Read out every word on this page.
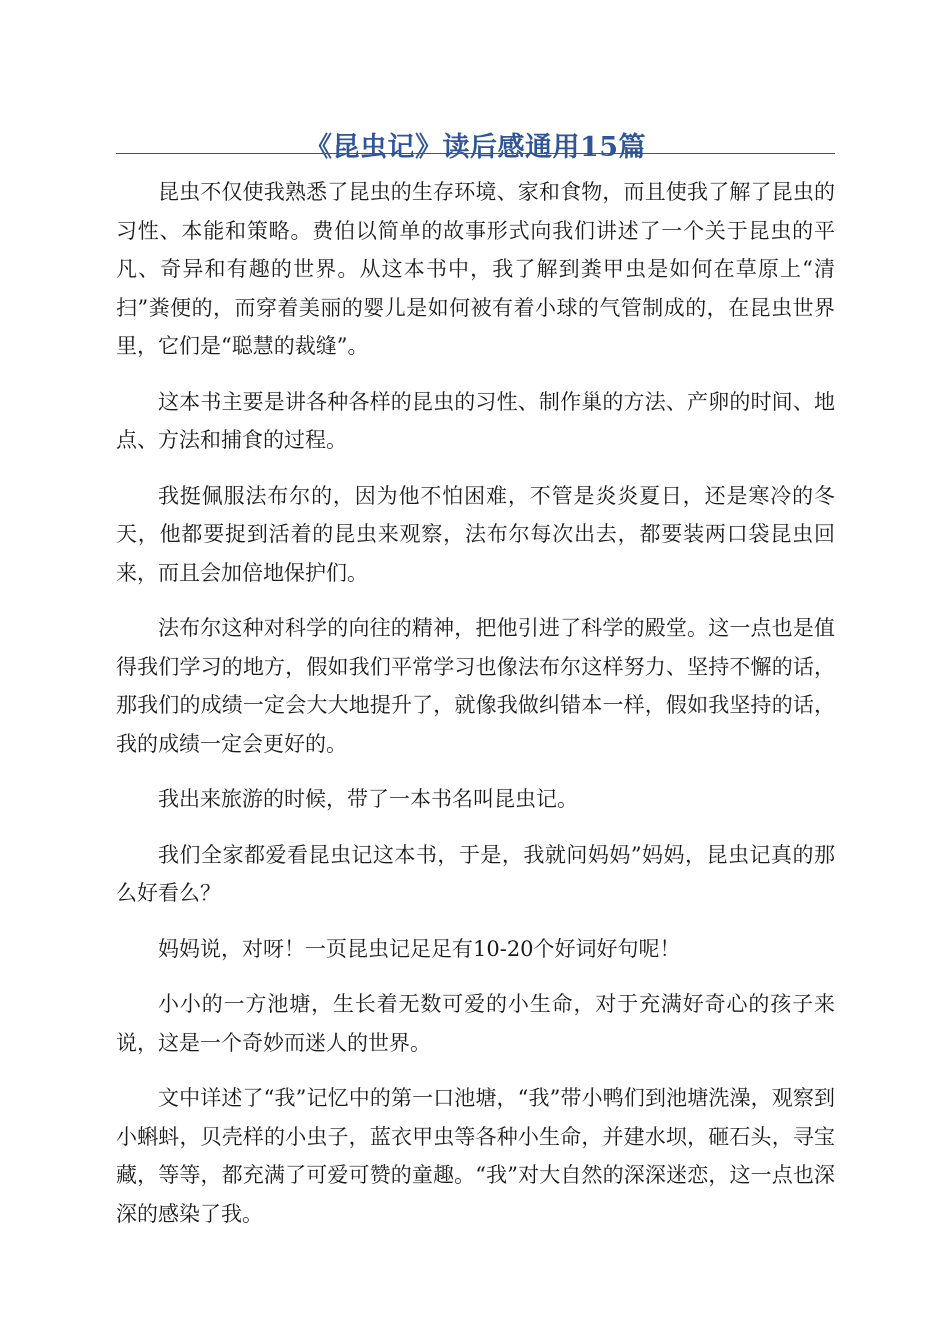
《昆虫记》读后感通用15篇

昆虫不仅使我熟悉了昆虫的生存环境、家和食物，而且使我了解了昆虫的习性、本能和策略。费伯以简单的故事形式向我们讲述了一个关于昆虫的平凡、奇异和有趣的世界。从这本书中，我了解到粪甲虫是如何在草原上“清扫”粪便的，而穿着美丽的婴儿是如何被有着小球的气管制成的，在昆虫世界里，它们是“聪慧的裁缝”。

这本书主要是讲各种各样的昆虫的习性、制作巢的方法、产卵的时间、地点、方法和捕食的过程。

我挺佩服法布尔的，因为他不怕困难，不管是炎炎夏日，还是寒冷的冬天，他都要捉到活着的昆虫来观察，法布尔每次出去，都要装两口袋昆虫回来，而且会加倍地保护们。

法布尔这种对科学的向往的精神，把他引进了科学的殿堂。这一点也是值得我们学习的地方，假如我们平常学习也像法布尔这样努力、坚持不懈的话，那我们的成绩一定会大大地提升了，就像我做纠错本一样，假如我坚持的话，我的成绩一定会更好的。

我出来旅游的时候，带了一本书名叫昆虫记。

我们全家都爱看昆虫记这本书，于是，我就问妈妈”妈妈，昆虫记真的那么好看么？

妈妈说，对呀！一页昆虫记足足有10-20个好词好句呢！

小小的一方池塘，生长着无数可爱的小生命，对于充满好奇心的孩子来说，这是一个奇妙而迷人的世界。

文中详述了“我”记忆中的第一口池塘，“我”带小鸭们到池塘洗澡，观察到小蝌蚪，贝壳样的小虫子，蓝衣甲虫等各种小生命，并建水坝，砸石头，寻宝藏，等等，都充满了可爱可赞的童趣。“我”对大自然的深深迷恋，这一点也深深的感染了我。
